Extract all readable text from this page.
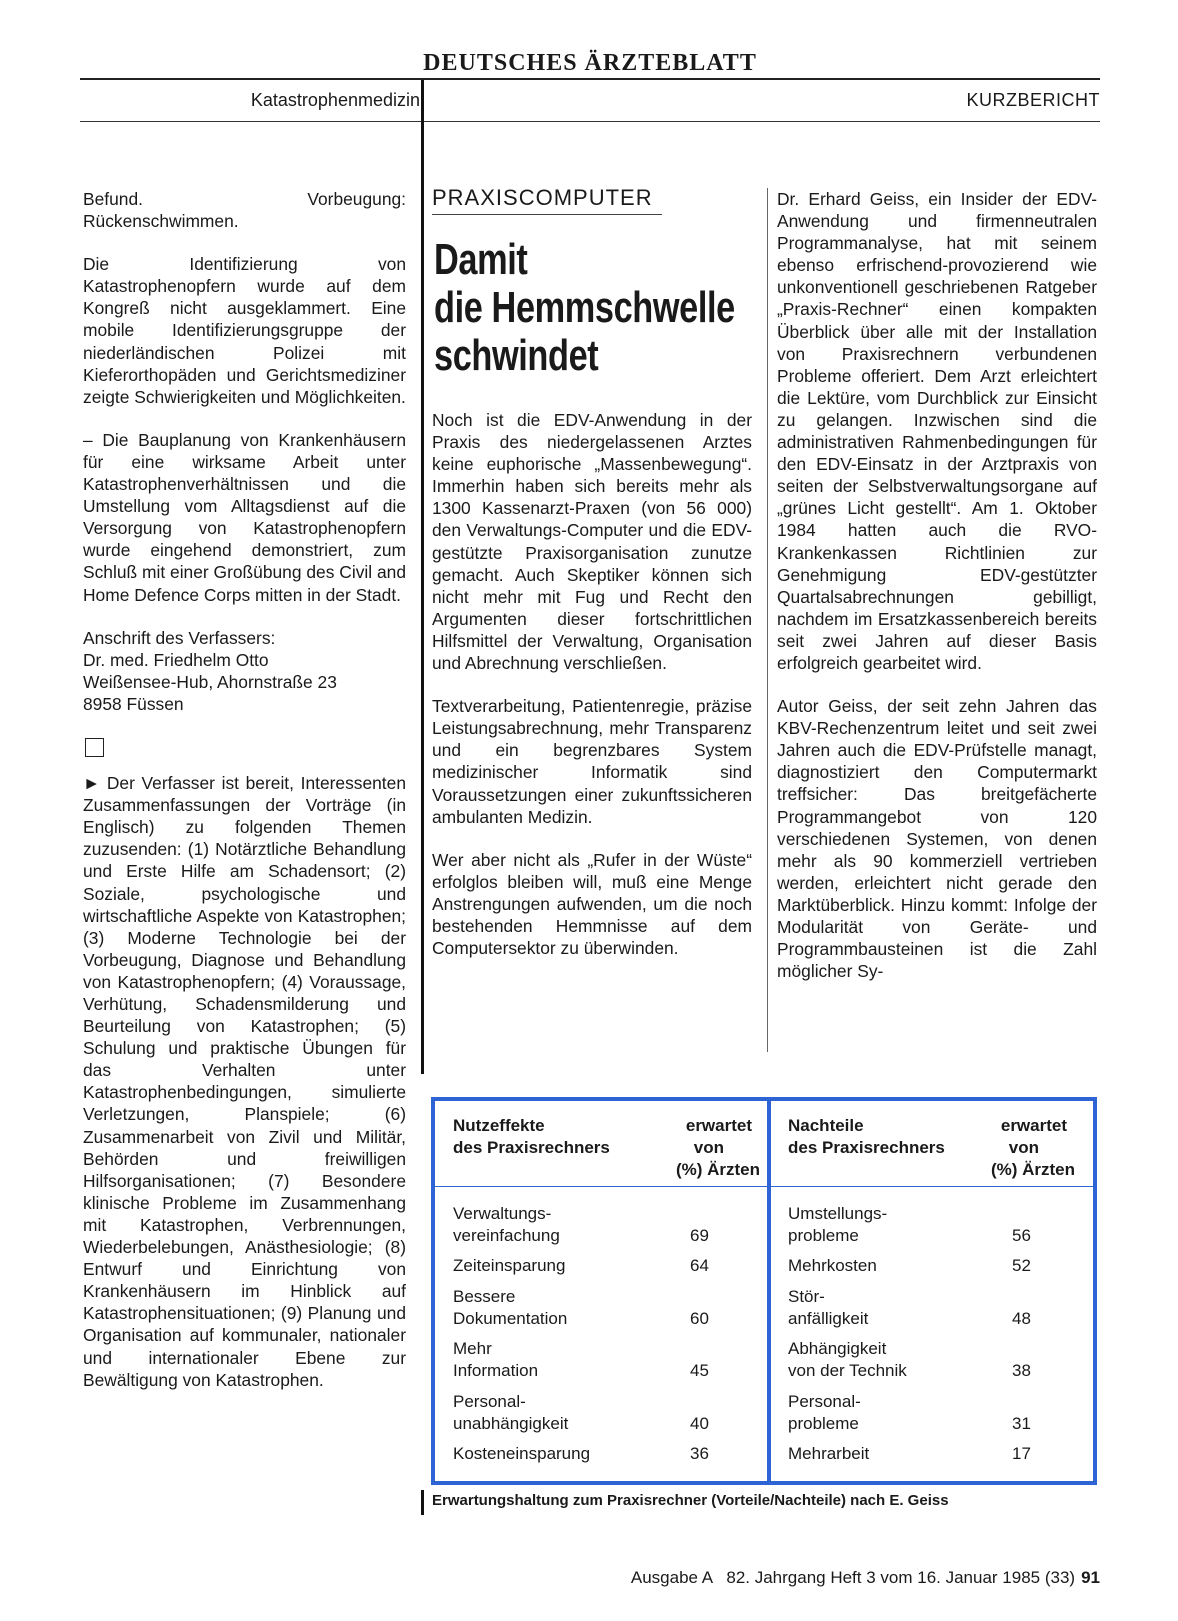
DEUTSCHES ÄRZTEBLATT
Katastrophenmedizin	KURZBERICHT

Befund. Vorbeugung: Rückenschwimmen.

Die Identifizierung von Katastrophenopfern wurde auf dem Kongreß nicht ausgeklammert. Eine mobile Identifizierungsgruppe der niederländischen Polizei mit Kieferorthopäden und Gerichtsmediziner zeigte Schwierigkeiten und Möglichkeiten.

– Die Bauplanung von Krankenhäusern für eine wirksame Arbeit unter Katastrophenverhältnissen und die Umstellung vom Alltagsdienst auf die Versorgung von Katastrophenopfern wurde eingehend demonstriert, zum Schluß mit einer Großübung des Civil and Home Defence Corps mitten in der Stadt.

Anschrift des Verfassers:
Dr. med. Friedhelm Otto
Weißensee-Hub, Ahornstraße 23
8958 Füssen

► Der Verfasser ist bereit, Interessenten Zusammenfassungen der Vorträge (in Englisch) zu folgenden Themen zuzusenden: (1) Notärztliche Behandlung und Erste Hilfe am Schadensort; (2) Soziale, psychologische und wirtschaftliche Aspekte von Katastrophen; (3) Moderne Technologie bei der Vorbeugung, Diagnose und Behandlung von Katastrophenopfern; (4) Voraussage, Verhütung, Schadensmilderung und Beurteilung von Katastrophen; (5) Schulung und praktische Übungen für das Verhalten unter Katastrophenbedingungen, simulierte Verletzungen, Planspiele; (6) Zusammenarbeit von Zivil und Militär, Behörden und freiwilligen Hilfsorganisationen; (7) Besondere klinische Probleme im Zusammenhang mit Katastrophen, Verbrennungen, Wiederbelebungen, Anästhesiologie; (8) Entwurf und Einrichtung von Krankenhäusern im Hinblick auf Katastrophensituationen; (9) Planung und Organisation auf kommunaler, nationaler und internationaler Ebene zur Bewältigung von Katastrophen.

PRAXISCOMPUTER
Damit
die Hemmschwelle
schwindet

Noch ist die EDV-Anwendung in der Praxis des niedergelassenen Arztes keine euphorische „Massenbewegung“. Immerhin haben sich bereits mehr als 1300 Kassenarzt-Praxen (von 56 000) den Verwaltungs-Computer und die EDV-gestützte Praxisorganisation zunutze gemacht. Auch Skeptiker können sich nicht mehr mit Fug und Recht den Argumenten dieser fortschrittlichen Hilfsmittel der Verwaltung, Organisation und Abrechnung verschließen.

Textverarbeitung, Patientenregie, präzise Leistungsabrechnung, mehr Transparenz und ein begrenzbares System medizinischer Informatik sind Voraussetzungen einer zukunftssicheren ambulanten Medizin.

Wer aber nicht als „Rufer in der Wüste“ erfolglos bleiben will, muß eine Menge Anstrengungen aufwenden, um die noch bestehenden Hemmnisse auf dem Computersektor zu überwinden.

Dr. Erhard Geiss, ein Insider der EDV-Anwendung und firmenneutralen Programmanalyse, hat mit seinem ebenso erfrischend-provozierend wie unkonventionell geschriebenen Ratgeber „Praxis-Rechner“ einen kompakten Überblick über alle mit der Installation von Praxisrechnern verbundenen Probleme offeriert. Dem Arzt erleichtert die Lektüre, vom Durchblick zur Einsicht zu gelangen. Inzwischen sind die administrativen Rahmenbedingungen für den EDV-Einsatz in der Arztpraxis von seiten der Selbstverwaltungsorgane auf „grünes Licht gestellt“. Am 1. Oktober 1984 hatten auch die RVO-Krankenkassen Richtlinien zur Genehmigung EDV-gestützter Quartalsabrechnungen gebilligt, nachdem im Ersatzkassenbereich bereits seit zwei Jahren auf dieser Basis erfolgreich gearbeitet wird.

Autor Geiss, der seit zehn Jahren das KBV-Rechenzentrum leitet und seit zwei Jahren auch die EDV-Prüfstelle managt, diagnostiziert den Computermarkt treffsicher: Das breitgefächerte Programmangebot von 120 verschiedenen Systemen, von denen mehr als 90 kommerziell vertrieben werden, erleichtert nicht gerade den Marktüberblick. Hinzu kommt: Infolge der Modularität von Geräte- und Programmbausteinen ist die Zahl möglicher Sy-

Nutzeffekte
des Praxisrechners
erwartet
von
(%) Ärzten
Nachteile
des Praxisrechners
erwartet
von
(%) Ärzten
Verwaltungs-
vereinfachung	69
Zeiteinsparung	64
Bessere
Dokumentation	60
Mehr
Information	45
Personal-
unabhängigkeit	40
Kosteneinsparung	36
Umstellungs-
probleme	56
Mehrkosten	52
Stör-
anfälligkeit	48
Abhängigkeit
von der Technik	38
Personal-
probleme	31
Mehrarbeit	17
Erwartungshaltung zum Praxisrechner (Vorteile/Nachteile) nach E. Geiss
Ausgabe A   82. Jahrgang Heft 3 vom 16. Januar 1985 (33) 91
